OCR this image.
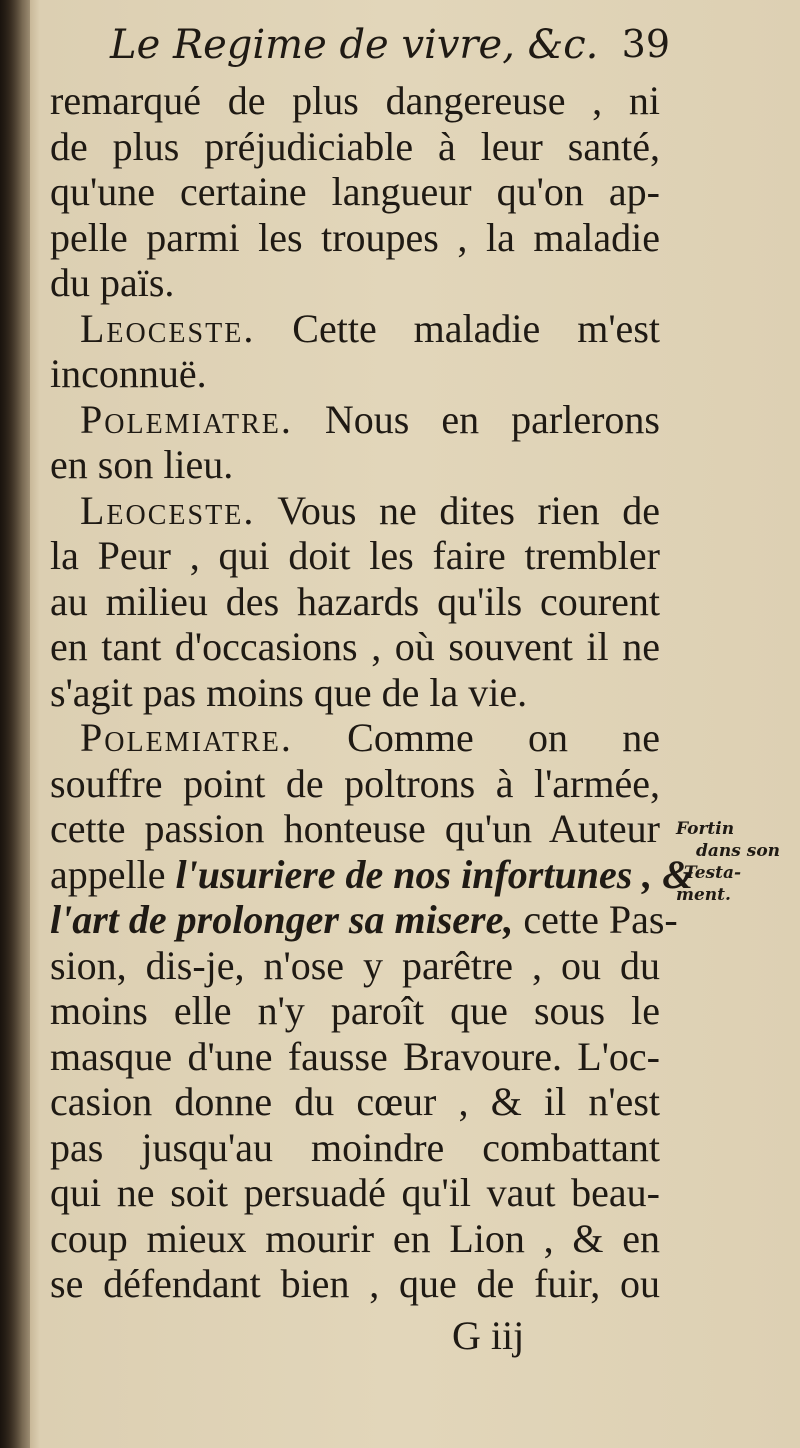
Le Regime de vivre, &c. 39
remarqué de plus dangereuse , ni
de plus préjudiciable à leur santé,
qu'une certaine langueur qu'on ap-
pelle parmi les troupes , la maladie
du païs.
Leoceste. Cette maladie m'est
inconnuë.
Polemiatre. Nous en parlerons
en son lieu.
Leoceste. Vous ne dites rien de
la Peur , qui doit les faire trembler
au milieu des hazards qu'ils courent
en tant d'occasions , où souvent il ne
s'agit pas moins que de la vie.
Polemiatre. Comme on ne
souffre point de poltrons à l'armée,
cette passion honteuse qu'un Auteur
appelle l'usuriere de nos infortunes , &
l'art de prolonger sa misere, cette Pas-
sion, dis-je, n'ose y parêtre , ou du
moins elle n'y paroît que sous le
masque d'une fausse Bravoure. L'oc-
casion donne du cœur , & il n'est
pas jusqu'au moindre combattant
qui ne soit persuadé qu'il vaut beau-
coup mieux mourir en Lion , & en
se défendant bien , que de fuir, ou
Fortin
dans son
Testa-
ment.
G iij
